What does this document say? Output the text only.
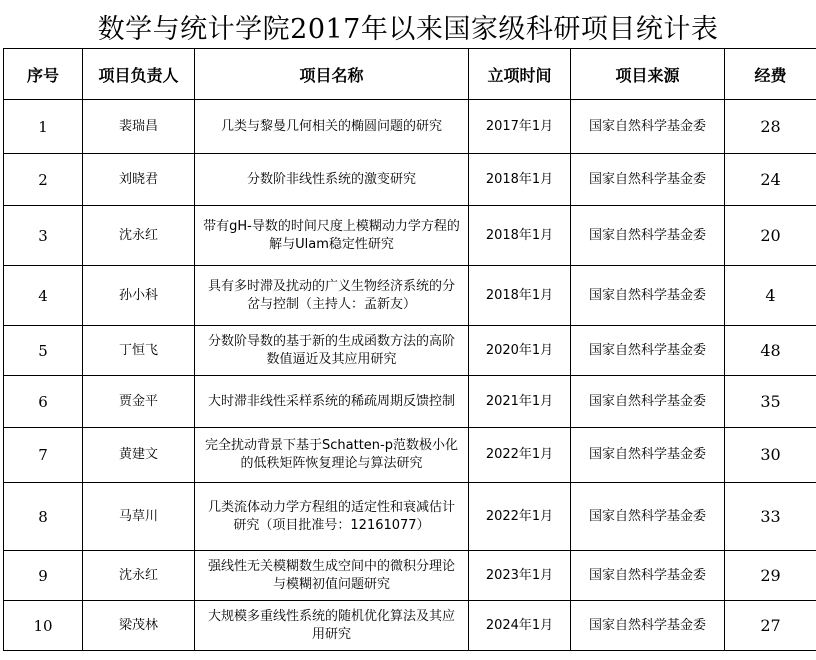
数学与统计学院2017年以来国家级科研项目统计表
序号	项目负责人	项目名称	立项时间	项目来源	经费
1	裴瑞昌	几类与黎曼几何相关的椭圆问题的研究	2017年1月	国家自然科学基金委	28
2	刘晓君	分数阶非线性系统的激变研究	2018年1月	国家自然科学基金委	24
3	沈永红	带有gH-导数的时间尺度上模糊动力学方程的解与Ulam稳定性研究	2018年1月	国家自然科学基金委	20
4	孙小科	具有多时滞及扰动的广义生物经济系统的分岔与控制（主持人：孟新友）	2018年1月	国家自然科学基金委	4
5	丁恒飞	分数阶导数的基于新的生成函数方法的高阶数值逼近及其应用研究	2020年1月	国家自然科学基金委	48
6	贾金平	大时滞非线性采样系统的稀疏周期反馈控制	2021年1月	国家自然科学基金委	35
7	黄建文	完全扰动背景下基于Schatten-p范数极小化的低秩矩阵恢复理论与算法研究	2022年1月	国家自然科学基金委	30
8	马草川	几类流体动力学方程组的适定性和衰减估计研究（项目批准号：12161077）	2022年1月	国家自然科学基金委	33
9	沈永红	强线性无关模糊数生成空间中的微积分理论与模糊初值问题研究	2023年1月	国家自然科学基金委	29
10	梁茂林	大规模多重线性系统的随机优化算法及其应用研究	2024年1月	国家自然科学基金委	27
